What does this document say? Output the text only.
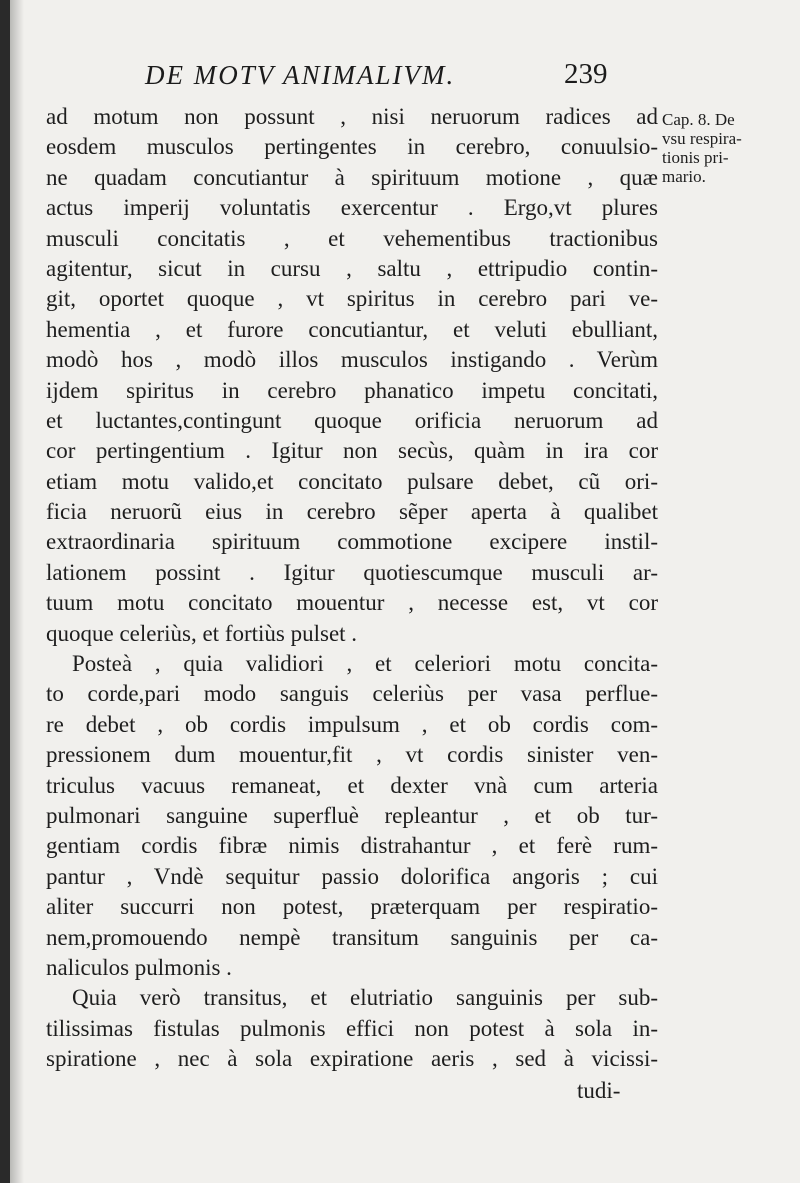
DE MOTV ANIMALIVM.	239
Cap. 8. De
vsu respira-
tionis pri-
mario.
ad motum non possunt , nisi neruorum radices ad
eosdem musculos pertingentes in cerebro, conuulsio-
ne quadam concutiantur à spirituum motione , quæ
actus imperij voluntatis exercentur . Ergo,vt plures
musculi concitatis , et vehementibus tractionibus
agitentur, sicut in cursu , saltu , ettripudio contin-
git, oportet quoque , vt spiritus in cerebro pari ve-
hementia , et furore concutiantur, et veluti ebulliant,
modò hos , modò illos musculos instigando . Verùm
ijdem spiritus in cerebro phanatico impetu concitati,
et luctantes,contingunt quoque orificia neruorum ad
cor pertingentium . Igitur non secùs, quàm in ira cor
etiam motu valido,et concitato pulsare debet, cũ ori-
ficia neruorũ eius in cerebro sẽper aperta à qualibet
extraordinaria spirituum commotione excipere instil-
lationem possint . Igitur quotiescumque musculi ar-
tuum motu concitato mouentur , necesse est, vt cor
quoque celeriùs, et fortiùs pulset .
Posteà , quia validiori , et celeriori motu concita-
to corde,pari modo sanguis celeriùs per vasa perflue-
re debet , ob cordis impulsum , et ob cordis com-
pressionem dum mouentur,fit , vt cordis sinister ven-
triculus vacuus remaneat, et dexter vnà cum arteria
pulmonari sanguine superfluè repleantur , et ob tur-
gentiam cordis fibræ nimis distrahantur , et ferè rum-
pantur , Vndè sequitur passio dolorifica angoris ; cui
aliter succurri non potest, præterquam per respiratio-
nem,promouendo nempè transitum sanguinis per ca-
naliculos pulmonis .
Quia verò transitus, et elutriatio sanguinis per sub-
tilissimas fistulas pulmonis effici non potest à sola in-
spiratione , nec à sola expiratione aeris , sed à vicissi-
tudi-
